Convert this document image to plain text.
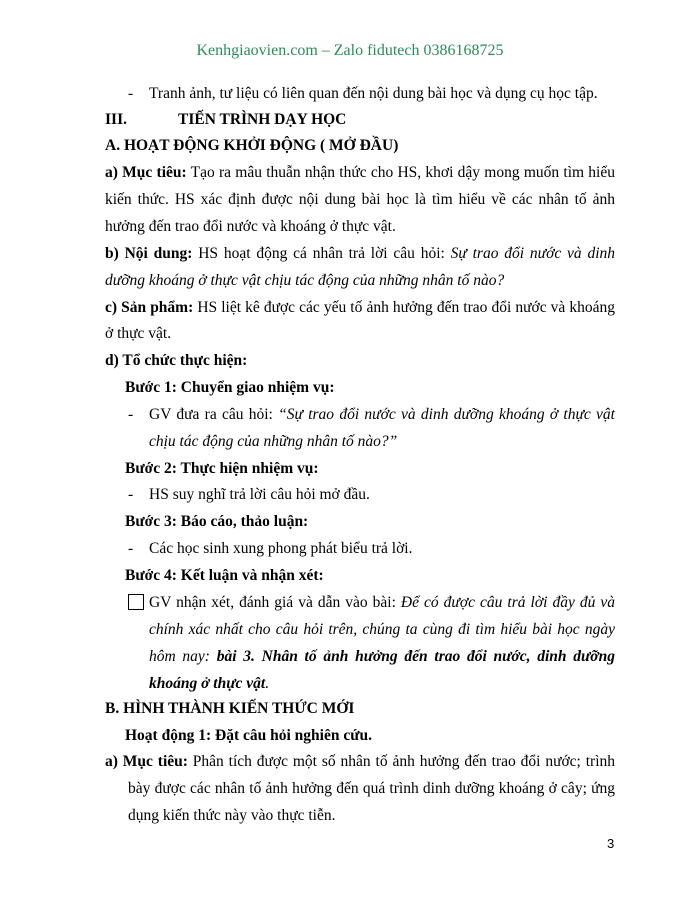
Kenhgiaovien.com – Zalo fidutech 0386168725
- Tranh ảnh, tư liệu có liên quan đến nội dung bài học và dụng cụ học tập.
III.	TIẾN TRÌNH DẠY HỌC
A. HOẠT ĐỘNG KHỞI ĐỘNG ( MỞ ĐẦU)
a) Mục tiêu: Tạo ra mâu thuẫn nhận thức cho HS, khơi dậy mong muốn tìm hiểu
kiến thức. HS xác định được nội dung bài học là tìm hiểu về các nhân tố ảnh
hưởng đến trao đổi nước và khoáng ở thực vật.
b) Nội dung: HS hoạt động cá nhân trả lời câu hỏi: Sự trao đổi nước và dinh
dưỡng khoáng ở thực vật chịu tác động của những nhân tố nào?
c) Sản phẩm: HS liệt kê được các yếu tố ảnh hưởng đến trao đổi nước và khoáng
ở thực vật.
d) Tổ chức thực hiện:
Bước 1: Chuyển giao nhiệm vụ:
- GV đưa ra câu hỏi: “Sự trao đổi nước và dinh dưỡng khoáng ở thực vật
chịu tác động của những nhân tố nào?”
Bước 2: Thực hiện nhiệm vụ:
- HS suy nghĩ trả lời câu hỏi mở đầu.
Bước 3: Báo cáo, thảo luận:
- Các học sinh xung phong phát biểu trả lời.
Bước 4: Kết luận và nhận xét:
GV nhận xét, đánh giá và dẫn vào bài: Để có được câu trả lời đầy đủ và
chính xác nhất cho câu hỏi trên, chúng ta cùng đi tìm hiểu bài học ngày
hôm nay: bài 3. Nhân tố ảnh hưởng đến trao đổi nước, dinh dưỡng
khoáng ở thực vật.
B. HÌNH THÀNH KIẾN THỨC MỚI
Hoạt động 1: Đặt câu hỏi nghiên cứu.
a) Mục tiêu: Phân tích được một số nhân tố ảnh hưởng đến trao đổi nước; trình
bày được các nhân tố ảnh hưởng đến quá trình dinh dưỡng khoáng ở cây; ứng
dụng kiến thức này vào thực tiễn.
3
